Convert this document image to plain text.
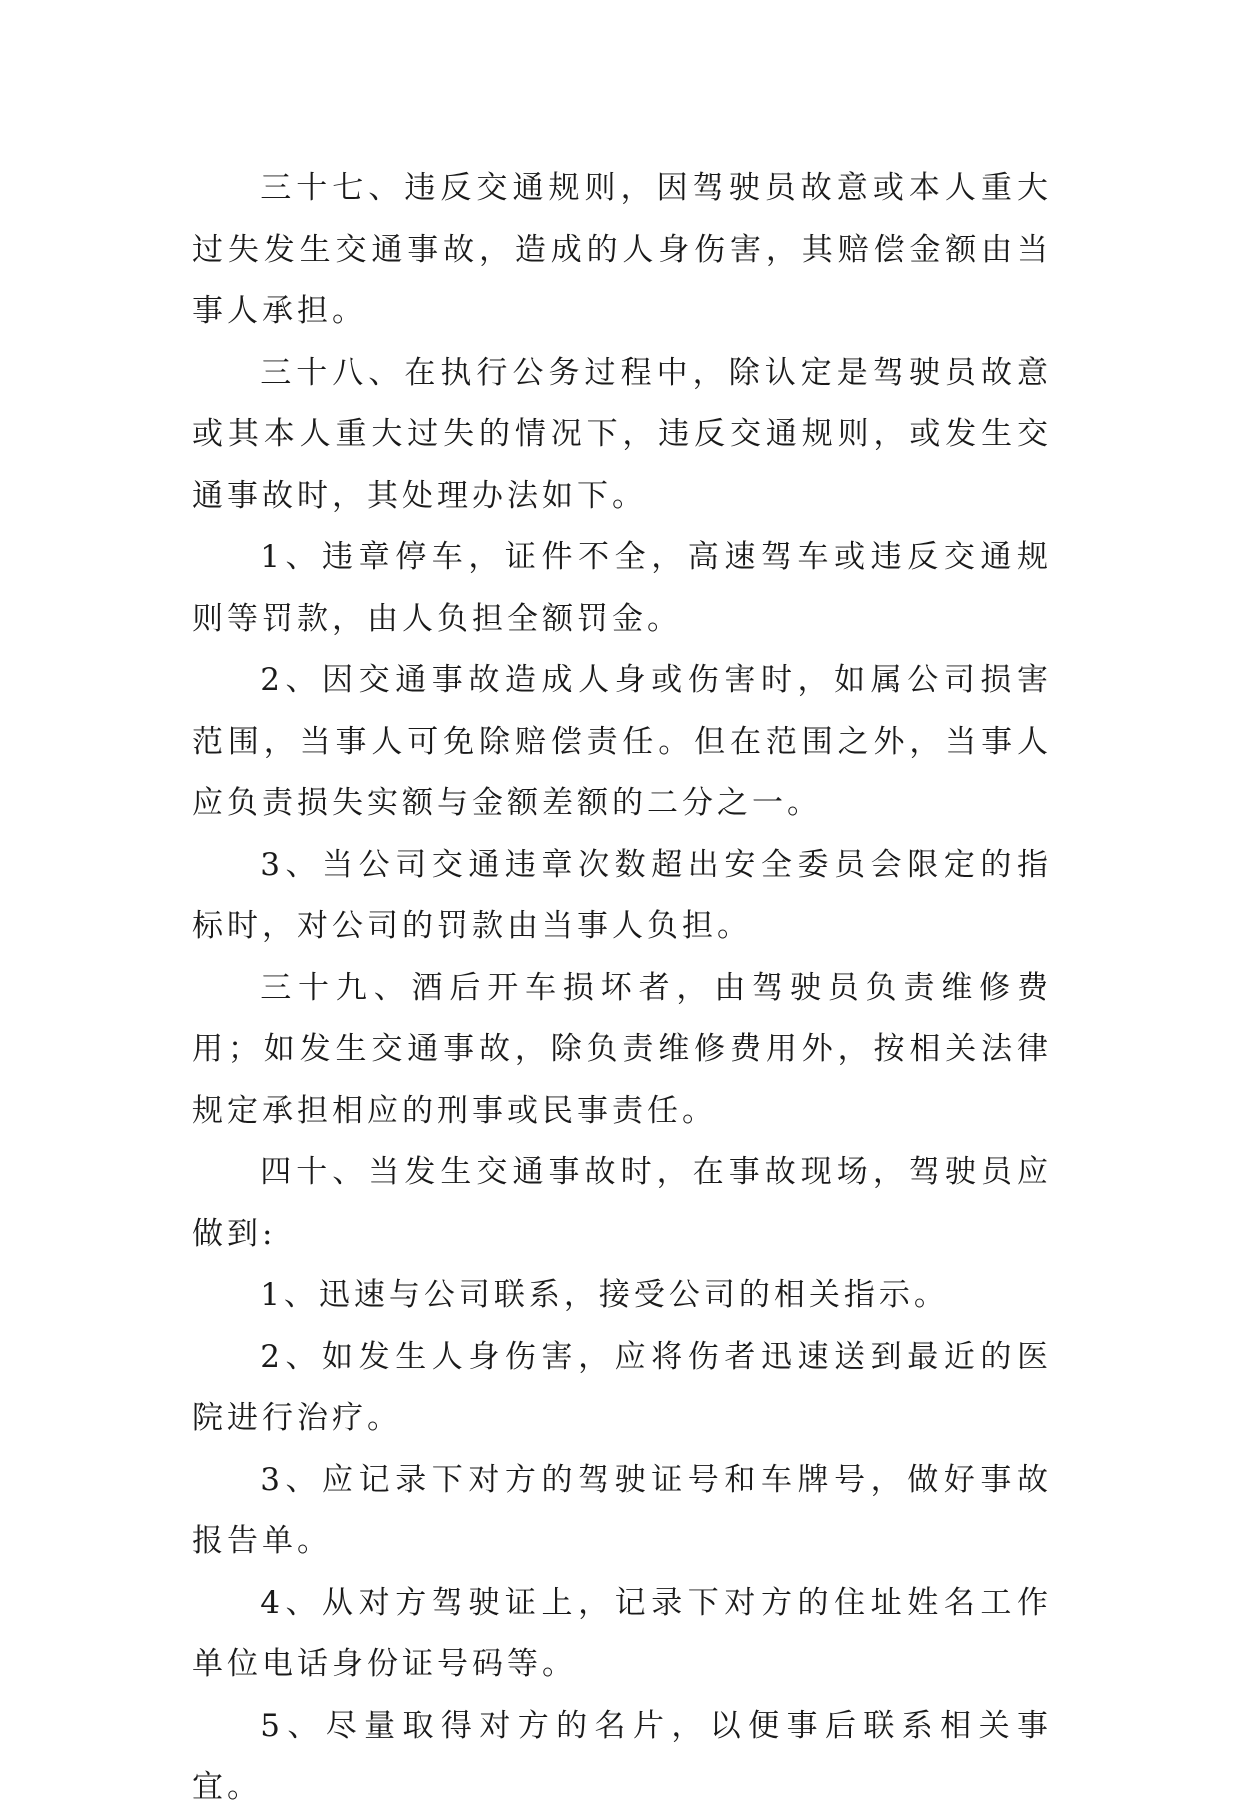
三十七、违反交通规则，因驾驶员故意或本人重大过失发生交通事故，造成的人身伤害，其赔偿金额由当事人承担。

三十八、在执行公务过程中，除认定是驾驶员故意或其本人重大过失的情况下，违反交通规则，或发生交通事故时，其处理办法如下。

1、违章停车，证件不全，高速驾车或违反交通规则等罚款，由人负担全额罚金。

2、因交通事故造成人身或伤害时，如属公司损害范围，当事人可免除赔偿责任。但在范围之外，当事人应负责损失实额与金额差额的二分之一。

3、当公司交通违章次数超出安全委员会限定的指标时，对公司的罚款由当事人负担。

三十九、酒后开车损坏者，由驾驶员负责维修费用；如发生交通事故，除负责维修费用外，按相关法律规定承担相应的刑事或民事责任。

四十、当发生交通事故时，在事故现场，驾驶员应做到:

1、迅速与公司联系，接受公司的相关指示。

2、如发生人身伤害，应将伤者迅速送到最近的医院进行治疗。

3、应记录下对方的驾驶证号和车牌号，做好事故报告单。

4、从对方驾驶证上，记录下对方的住址姓名工作单位电话身份证号码等。

5、尽量取得对方的名片，以便事后联系相关事宜。
